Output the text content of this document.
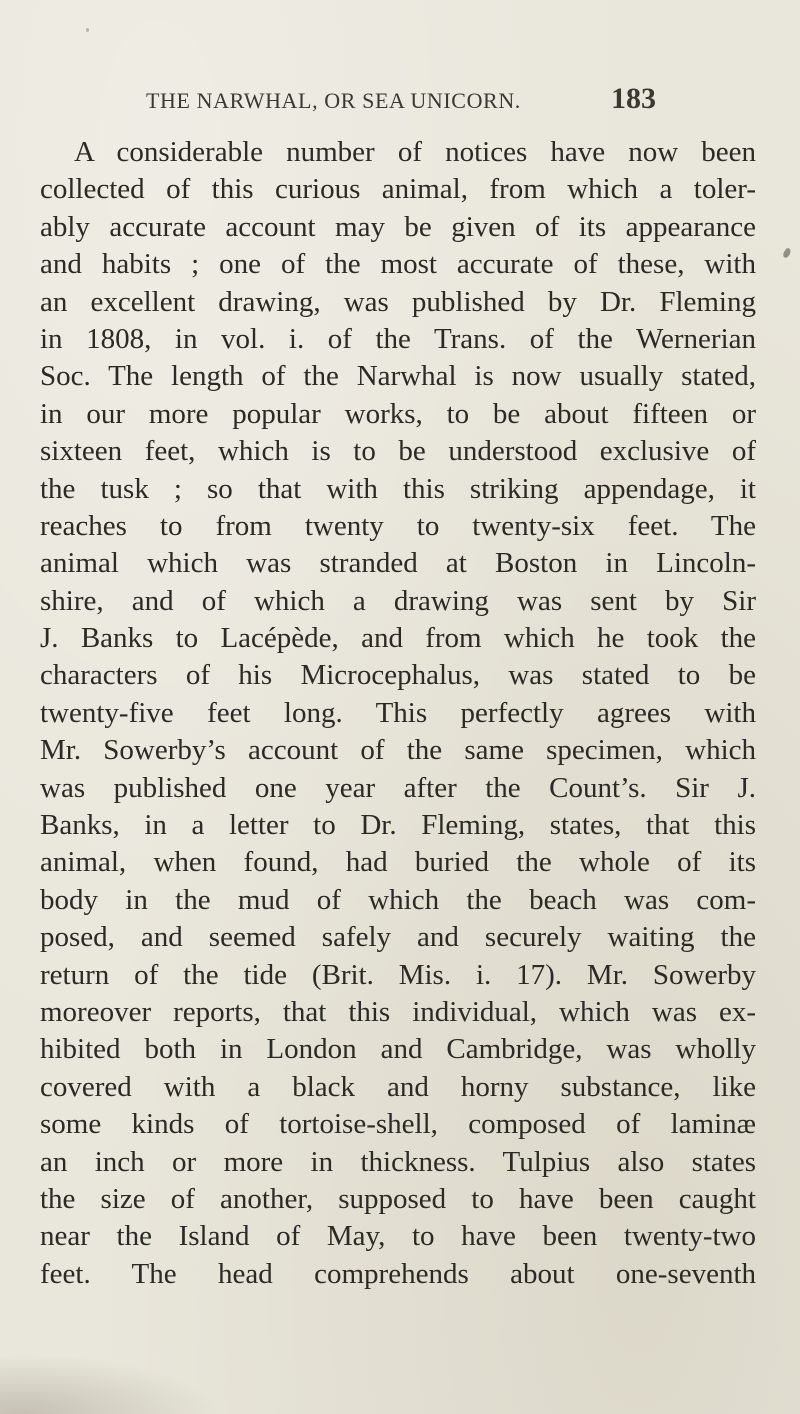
THE NARWHAL, OR SEA UNICORN.	183
A considerable number of notices have now been
collected of this curious animal, from which a toler-
ably accurate account may be given of its appearance
and habits ; one of the most accurate of these, with
an excellent drawing, was published by Dr. Fleming
in 1808, in vol. i. of the Trans. of the Wernerian
Soc. The length of the Narwhal is now usually stated,
in our more popular works, to be about fifteen or
sixteen feet, which is to be understood exclusive of
the tusk ; so that with this striking appendage, it
reaches to from twenty to twenty-six feet. The
animal which was stranded at Boston in Lincoln-
shire, and of which a drawing was sent by Sir
J. Banks to Lacépède, and from which he took the
characters of his Microcephalus, was stated to be
twenty-five feet long. This perfectly agrees with
Mr. Sowerby’s account of the same specimen, which
was published one year after the Count’s. Sir J.
Banks, in a letter to Dr. Fleming, states, that this
animal, when found, had buried the whole of its
body in the mud of which the beach was com-
posed, and seemed safely and securely waiting the
return of the tide (Brit. Mis. i. 17). Mr. Sowerby
moreover reports, that this individual, which was ex-
hibited both in London and Cambridge, was wholly
covered with a black and horny substance, like
some kinds of tortoise-shell, composed of laminæ
an inch or more in thickness. Tulpius also states
the size of another, supposed to have been caught
near the Island of May, to have been twenty-two
feet. The head comprehends about one-seventh
